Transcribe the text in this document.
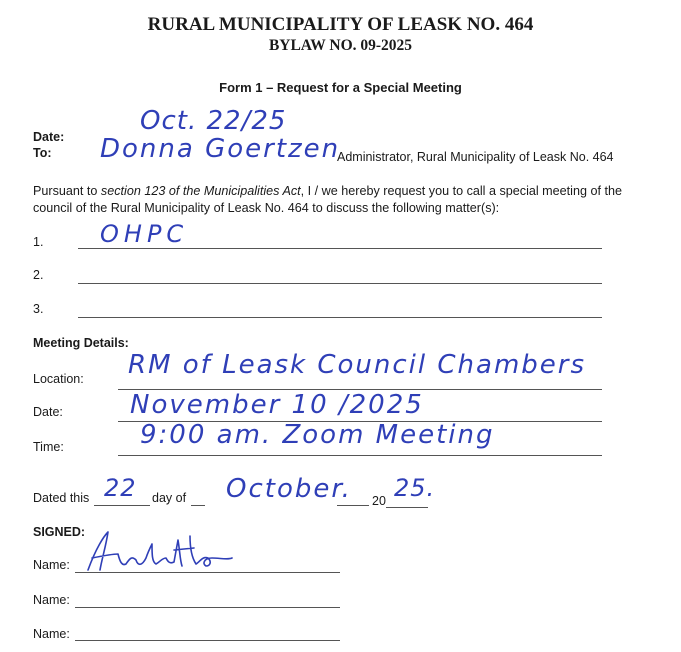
RURAL MUNICIPALITY OF LEASK NO. 464
BYLAW NO. 09-2025
Form 1 – Request for a Special Meeting
Date:
Oct. 22/25
To: Donna Goertzen
Administrator, Rural Municipality of Leask No. 464
Pursuant to section 123 of the Municipalities Act, I / we hereby request you to call a special meeting of the council of the Rural Municipality of Leask No. 464 to discuss the following matter(s):
1. OHPC
2.
3.
Meeting Details:
Location: RM of Leask Council Chambers
Date:	November 10 /2025
Time:	9:00 am. Zoom Meeting
Dated this 22 day of October. 20 25.
SIGNED:
Name:
Name:
Name:
